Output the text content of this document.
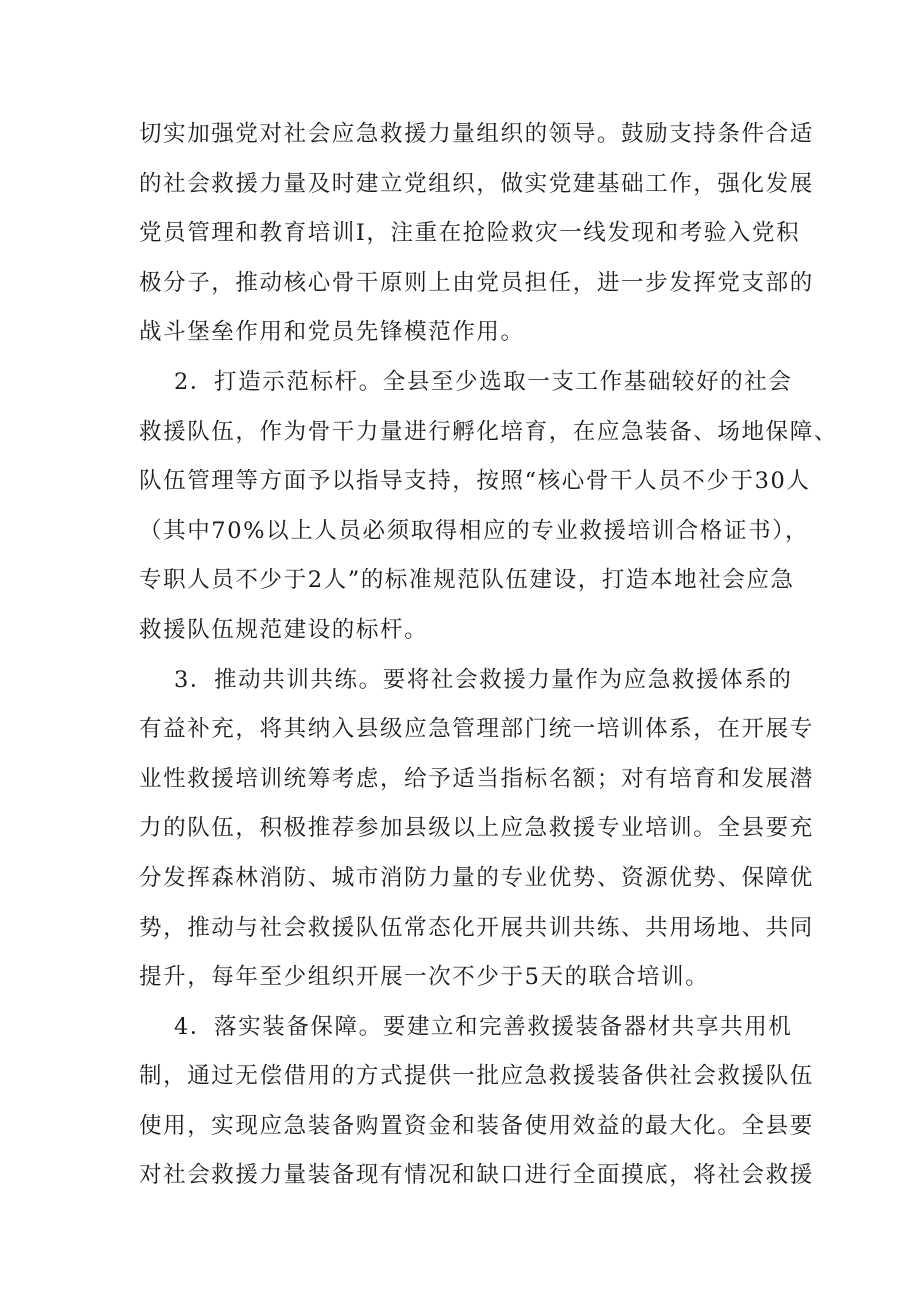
切实加强党对社会应急救援力量组织的领导。鼓励支持条件合适
的社会救援力量及时建立党组织，做实党建基础工作，强化发展
党员管理和教育培训I，注重在抢险救灾一线发现和考验入党积
极分子，推动核心骨干原则上由党员担任，进一步发挥党支部的
战斗堡垒作用和党员先锋模范作用。
2．打造示范标杆。全县至少选取一支工作基础较好的社会
救援队伍，作为骨干力量进行孵化培育，在应急装备、场地保障、
队伍管理等方面予以指导支持，按照“核心骨干人员不少于30人
（其中70%以上人员必须取得相应的专业救援培训合格证书），
专职人员不少于2人”的标准规范队伍建设，打造本地社会应急
救援队伍规范建设的标杆。
3．推动共训共练。要将社会救援力量作为应急救援体系的
有益补充，将其纳入县级应急管理部门统一培训体系，在开展专
业性救援培训统筹考虑，给予适当指标名额；对有培育和发展潜
力的队伍，积极推荐参加县级以上应急救援专业培训。全县要充
分发挥森林消防、城市消防力量的专业优势、资源优势、保障优
势，推动与社会救援队伍常态化开展共训共练、共用场地、共同
提升，每年至少组织开展一次不少于5天的联合培训。
4．落实装备保障。要建立和完善救援装备器材共享共用机
制，通过无偿借用的方式提供一批应急救援装备供社会救援队伍
使用，实现应急装备购置资金和装备使用效益的最大化。全县要
对社会救援力量装备现有情况和缺口进行全面摸底，将社会救援
